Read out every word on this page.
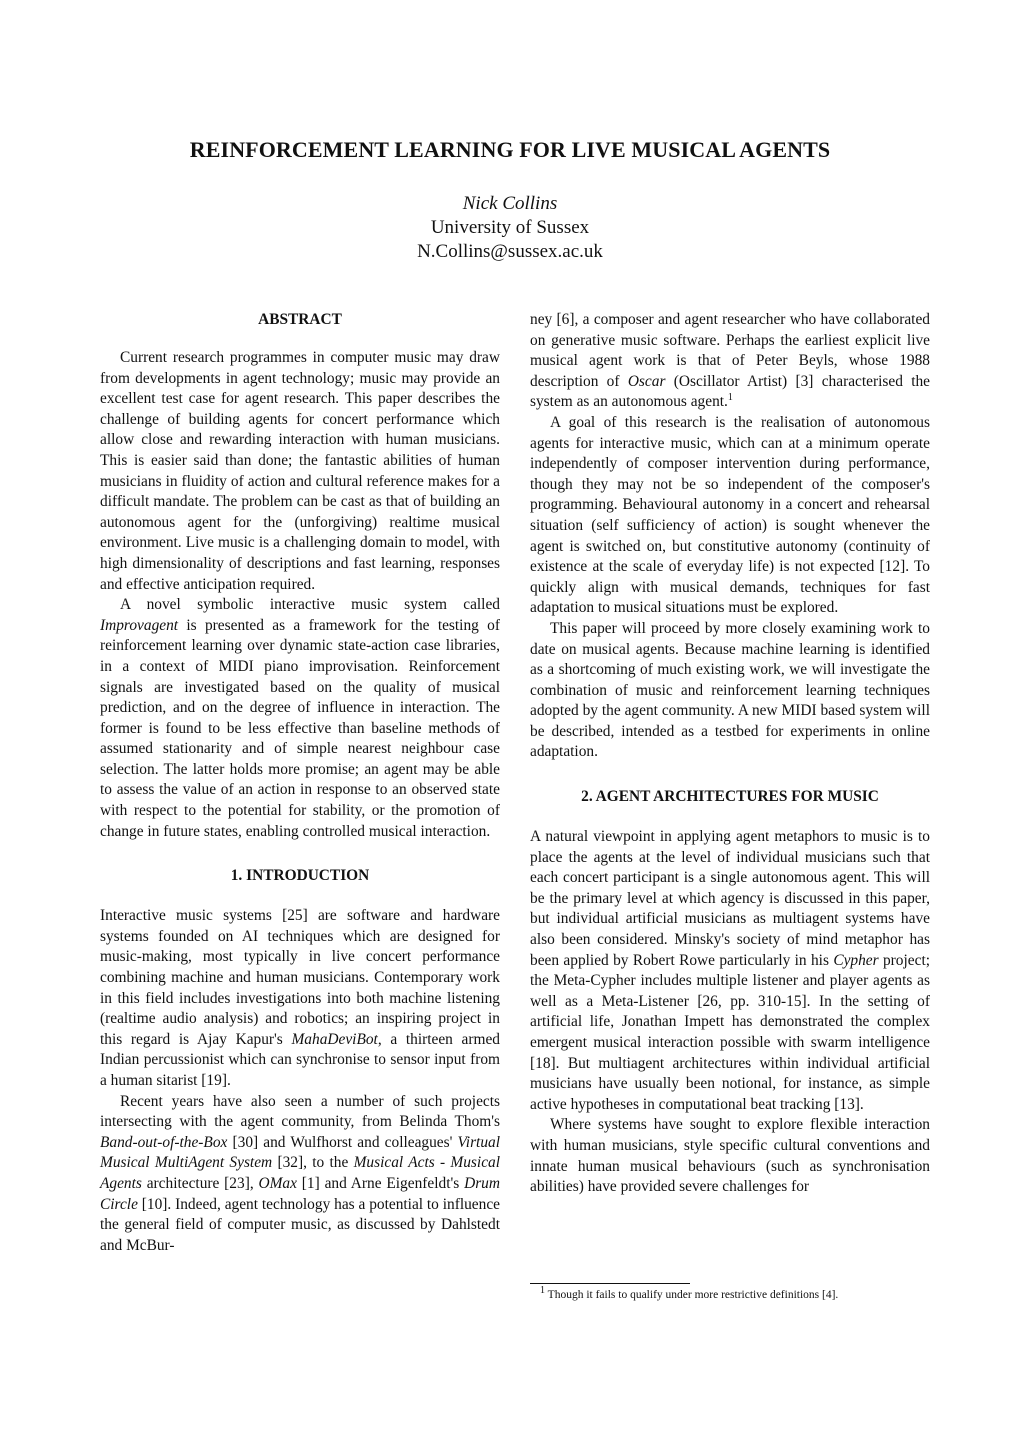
REINFORCEMENT LEARNING FOR LIVE MUSICAL AGENTS
Nick Collins
University of Sussex
N.Collins@sussex.ac.uk
ABSTRACT

Current research programmes in computer music may draw from developments in agent technology; music may provide an excellent test case for agent research. This paper describes the challenge of building agents for concert performance which allow close and rewarding interaction with human musicians. This is easier said than done; the fantastic abilities of human musicians in fluidity of action and cultural reference makes for a difficult mandate. The problem can be cast as that of building an autonomous agent for the (unforgiving) realtime musical environment. Live music is a challenging domain to model, with high dimensionality of descriptions and fast learning, responses and effective anticipation required.

A novel symbolic interactive music system called Improvagent is presented as a framework for the testing of reinforcement learning over dynamic state-action case libraries, in a context of MIDI piano improvisation. Reinforcement signals are investigated based on the quality of musical prediction, and on the degree of influence in interaction. The former is found to be less effective than baseline methods of assumed stationarity and of simple nearest neighbour case selection. The latter holds more promise; an agent may be able to assess the value of an action in response to an observed state with respect to the potential for stability, or the promotion of change in future states, enabling controlled musical interaction.

1. INTRODUCTION

Interactive music systems [25] are software and hardware systems founded on AI techniques which are designed for music-making, most typically in live concert performance combining machine and human musicians. Contemporary work in this field includes investigations into both machine listening (realtime audio analysis) and robotics; an inspiring project in this regard is Ajay Kapur's MahaDeviBot, a thirteen armed Indian percussionist which can synchronise to sensor input from a human sitarist [19].

Recent years have also seen a number of such projects intersecting with the agent community, from Belinda Thom's Band-out-of-the-Box [30] and Wulfhorst and colleagues' Virtual Musical MultiAgent System [32], to the Musical Acts - Musical Agents architecture [23], OMax [1] and Arne Eigenfeldt's Drum Circle [10]. Indeed, agent technology has a potential to influence the general field of computer music, as discussed by Dahlstedt and McBur-

ney [6], a composer and agent researcher who have collaborated on generative music software. Perhaps the earliest explicit live musical agent work is that of Peter Beyls, whose 1988 description of Oscar (Oscillator Artist) [3] characterised the system as an autonomous agent.$^1$

A goal of this research is the realisation of autonomous agents for interactive music, which can at a minimum operate independently of composer intervention during performance, though they may not be so independent of the composer's programming. Behavioural autonomy in a concert and rehearsal situation (self sufficiency of action) is sought whenever the agent is switched on, but constitutive autonomy (continuity of existence at the scale of everyday life) is not expected [12]. To quickly align with musical demands, techniques for fast adaptation to musical situations must be explored.

This paper will proceed by more closely examining work to date on musical agents. Because machine learning is identified as a shortcoming of much existing work, we will investigate the combination of music and reinforcement learning techniques adopted by the agent community. A new MIDI based system will be described, intended as a testbed for experiments in online adaptation.

2. AGENT ARCHITECTURES FOR MUSIC

A natural viewpoint in applying agent metaphors to music is to place the agents at the level of individual musicians such that each concert participant is a single autonomous agent. This will be the primary level at which agency is discussed in this paper, but individual artificial musicians as multiagent systems have also been considered. Minsky's society of mind metaphor has been applied by Robert Rowe particularly in his Cypher project; the Meta-Cypher includes multiple listener and player agents as well as a Meta-Listener [26, pp. 310-15]. In the setting of artificial life, Jonathan Impett has demonstrated the complex emergent musical interaction possible with swarm intelligence [18]. But multiagent architectures within individual artificial musicians have usually been notional, for instance, as simple active hypotheses in computational beat tracking [13].

Where systems have sought to explore flexible interaction with human musicians, style specific cultural conventions and innate human musical behaviours (such as synchronisation abilities) have provided severe challenges for

$^1$ Though it fails to qualify under more restrictive definitions [4].
